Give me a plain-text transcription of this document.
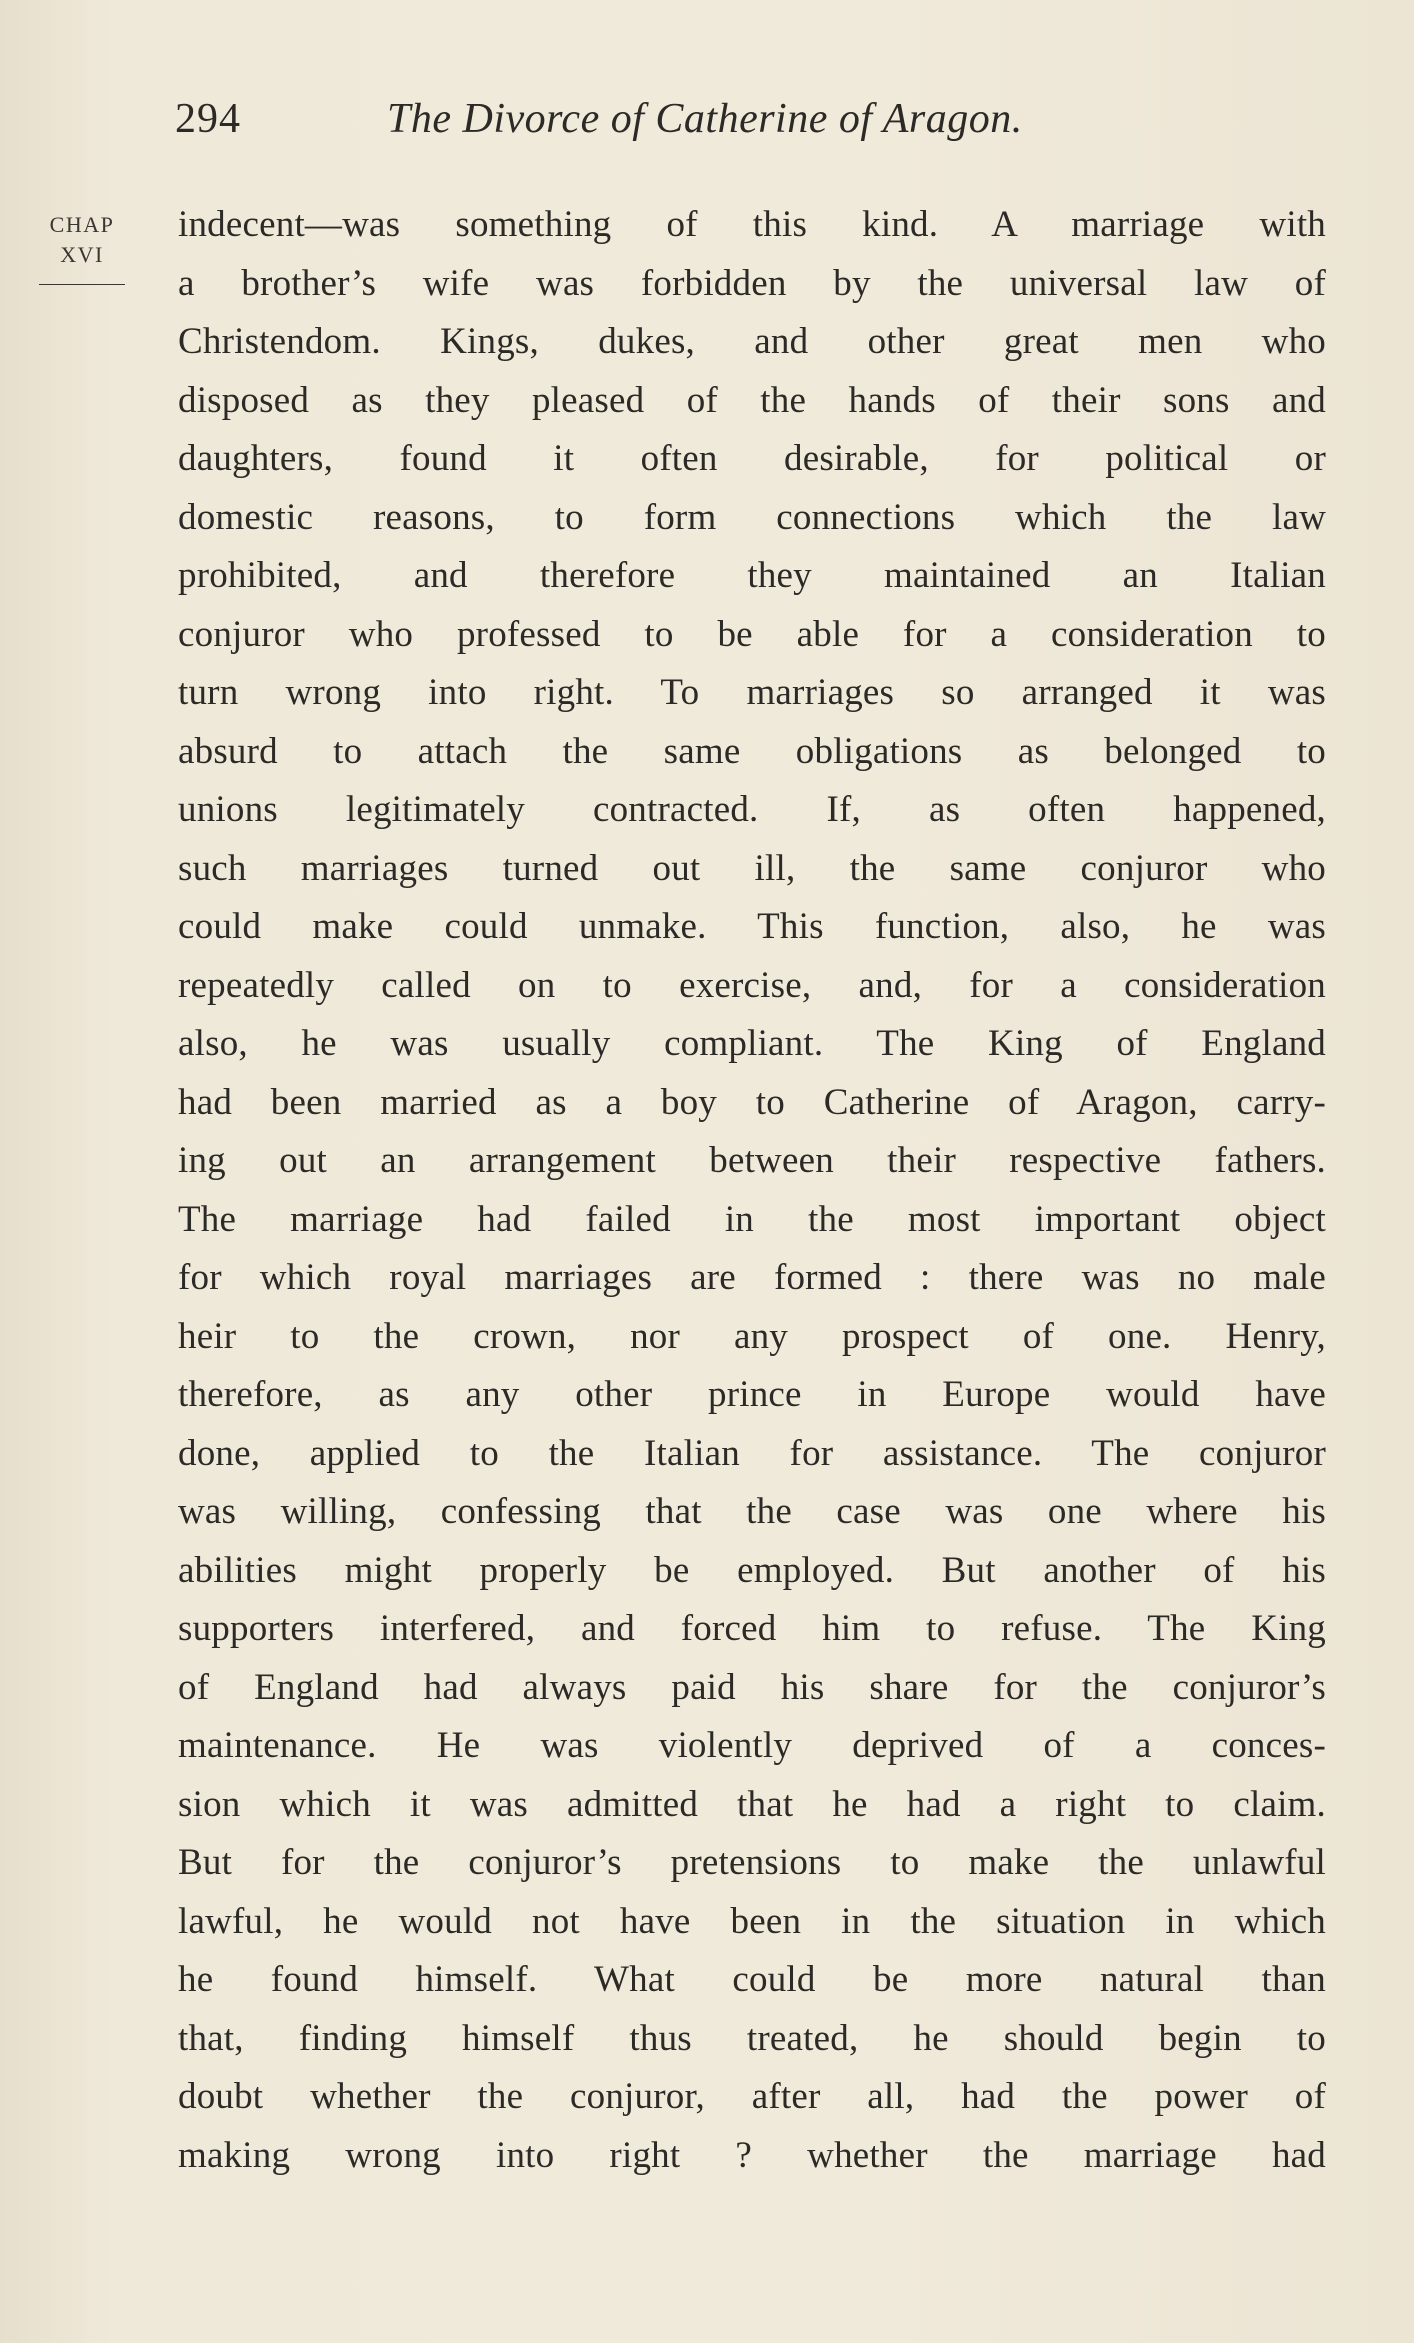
294	The Divorce of Catherine of Aragon.
CHAP
XVI
indecent—was something of this kind. A marriage with
a brother’s wife was forbidden by the universal law of
Christendom. Kings, dukes, and other great men who
disposed as they pleased of the hands of their sons and
daughters, found it often desirable, for political or
domestic reasons, to form connections which the law
prohibited, and therefore they maintained an Italian
conjuror who professed to be able for a consideration to
turn wrong into right. To marriages so arranged it was
absurd to attach the same obligations as belonged to
unions legitimately contracted. If, as often happened,
such marriages turned out ill, the same conjuror who
could make could unmake. This function, also, he was
repeatedly called on to exercise, and, for a consideration
also, he was usually compliant. The King of England
had been married as a boy to Catherine of Aragon, carry-
ing out an arrangement between their respective fathers.
The marriage had failed in the most important object
for which royal marriages are formed : there was no male
heir to the crown, nor any prospect of one. Henry,
therefore, as any other prince in Europe would have
done, applied to the Italian for assistance. The conjuror
was willing, confessing that the case was one where his
abilities might properly be employed. But another of his
supporters interfered, and forced him to refuse. The King
of England had always paid his share for the conjuror’s
maintenance. He was violently deprived of a conces-
sion which it was admitted that he had a right to claim.
But for the conjuror’s pretensions to make the unlawful
lawful, he would not have been in the situation in which
he found himself. What could be more natural than
that, finding himself thus treated, he should begin to
doubt whether the conjuror, after all, had the power of
making wrong into right ? whether the marriage had
